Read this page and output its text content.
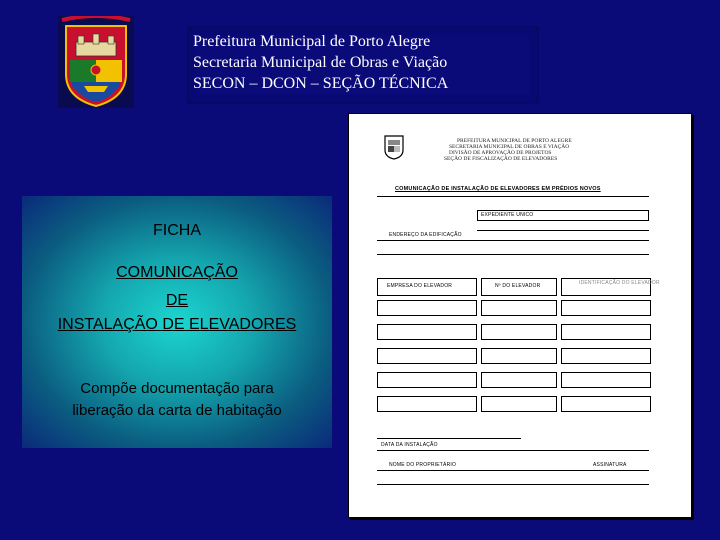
Prefeitura Municipal de Porto Alegre
Secretaria Municipal de Obras e Viação
SECON – DCON – SEÇÃO TÉCNICA
FICHA
COMUNICAÇÃO
DE
INSTALAÇÃO DE ELEVADORES
Compõe documentação para
liberação da carta de habitação
PREFEITURA MUNICIPAL DE PORTO ALEGRE
SECRETARIA MUNICIPAL DE OBRAS E VIAÇÃO
DIVISÃO DE APROVAÇÃO DE PROJETOS
SEÇÃO DE FISCALIZAÇÃO DE ELEVADORES
COMUNICAÇÃO DE INSTALAÇÃO DE ELEVADORES EM PRÉDIOS NOVOS
EXPEDIENTE UNICO
ENDEREÇO DA EDIFICAÇÃO
EMPRESA DO ELEVADOR	Nº DO ELEVADOR	IDENTIFICAÇÃO DO ELEVADOR
DATA DA INSTALAÇÃO
NOME DO PROPRIETÁRIO	ASSINATURA
